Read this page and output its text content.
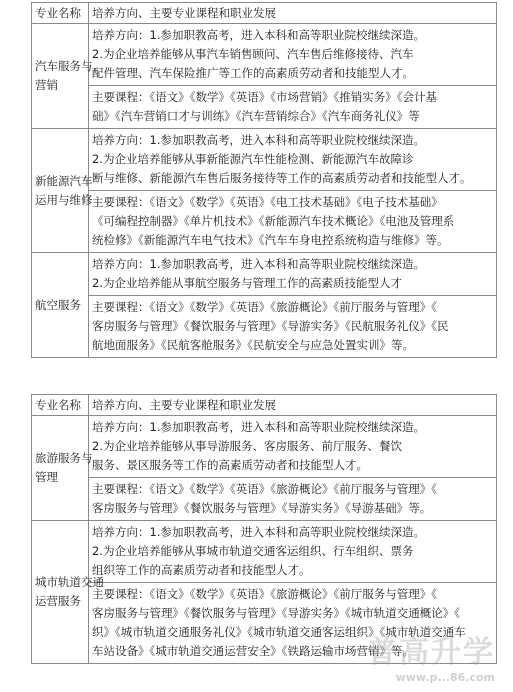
专业名称	培养方向、主要专业课程和职业发展

汽车服务与
营销	培养方向：1.参加职教高考，进入本科和高等职业院校继续深造。
2.为企业培养能够从事汽车销售顾问、汽车售后维修接待、汽车
配件管理、汽车保险推广等工作的高素质劳动者和技能型人才。

	主要课程：《语文》《数学》《英语》《市场营销》《推销实务》《会计基
础》《汽车营销口才与训练》《汽车营销综合》《汽车商务礼仪》等

新能源汽车
运用与维修	培养方向：1.参加职教高考，进入本科和高等职业院校继续深造。
2.为企业培养能够从事新能源汽车性能检测、新能源汽车故障诊
断与维修、新能源汽车售后服务接待等工作的高素质劳动者和技能型人才。

	主要课程：《语文》《数学》《英语》《电工技术基础》《电子技术基础》
《可编程控制器》《单片机技术》《新能源汽车技术概论》《电池及管理系
统检修》《新能源汽车电气技术》《汽车车身电控系统构造与维修》等。

航空服务	培养方向：1.参加职教高考，进入本科和高等职业院校继续深造。
2.为企业培养能从事航空服务与管理工作的高素质技能型人才

	主要课程：《语文》《数学》《英语》《旅游概论》《前厅服务与管理》《
客房服务与管理》《餐饮服务与管理》《导游实务》《民航服务礼仪》《民
航地面服务》《民航客舱服务》《民航安全与应急处置实训》等。
专业名称	培养方向、主要专业课程和职业发展

旅游服务与
管理	培养方向：1.参加职教高考，进入本科和高等职业院校继续深造。
2.为企业培养能够从事导游服务、客房服务、前厅服务、餐饮
服务、景区服务等工作的高素质劳动者和技能型人才。

	主要课程：《语文》《数学》《英语》《旅游概论》《前厅服务与管理》《
客房服务与管理》《餐饮服务与管理》《导游实务》《导游基础》等。

城市轨道交通
运营服务	培养方向：1.参加职教高考，进入本科和高等职业院校继续深造。
2.为企业培养能够从事城市轨道交通客运组织、行车组织、票务
组织等工作的高素质劳动者和技能型人才。

	主要课程：《语文》《数学》《英语》《旅游概论》《前厅服务与管理》《
客房服务与管理》《餐饮服务与管理》《导游实务》《城市轨道交通概论》《
织》《城市轨道交通服务礼仪》《城市轨道交通客运组织》《城市轨道交通车
车站设备》《城市轨道交通运营安全》《铁路运输市场营销》等。
普高升学
www.p...86.com
